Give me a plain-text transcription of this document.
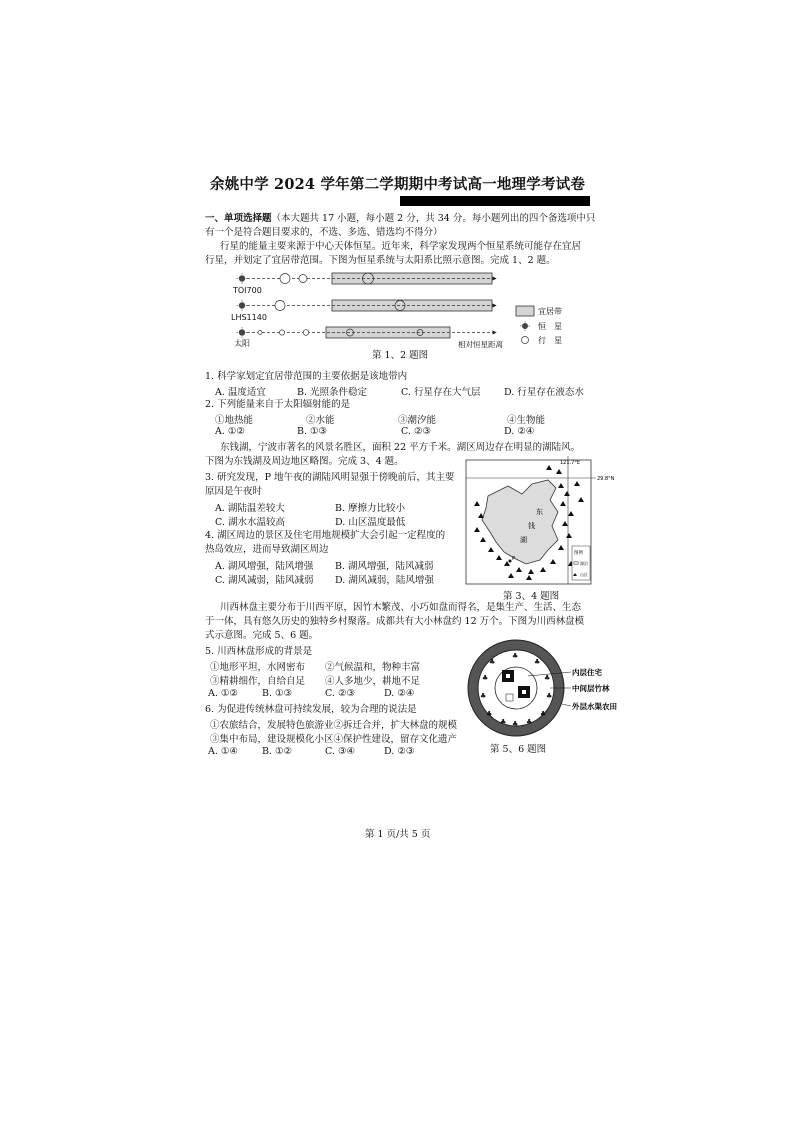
余姚中学 2024 学年第二学期期中考试高一地理学考试卷
一、单项选择题（本大题共 17 小题，每小题 2 分，共 34 分。每小题列出的四个备选项中只
有一个是符合题目要求的，不选、多选、错选均不得分）
行星的能量主要来源于中心天体恒星。近年来，科学家发现两个恒星系统可能存在宜居
行星，并划定了宜居带范围。下图为恒星系统与太阳系比照示意图。完成 1、2 题。
TOI700
LHS1140
太阳	相对恒星距离
宜居带
恒　星
行　星
第 1、2 题图
1. 科学家划定宜居带范围的主要依据是该地带内
A. 温度适宜	B. 光照条件稳定	C. 行星存在大气层 D. 行星存在液态水
2. 下列能量来自于太阳辐射能的是
①地热能	②水能	③潮汐能	④生物能
A. ①②	B. ①③	C. ②③	D. ②④
东钱湖，宁波市著名的风景名胜区，面积 22 平方千米。湖区周边存在明显的湖陆风。
下图为东钱湖及周边地区略图。完成 3、4 题。
3. 研究发现，P 地午夜的湖陆风明显强于傍晚前后，其主要
原因是午夜时
A. 湖陆温差较大	B. 摩擦力比较小
C. 湖水水温较高	D. 山区温度最低
4. 湖区周边的景区及住宅用地规模扩大会引起一定程度的
热岛效应，进而导致湖区周边
A. 湖风增强，陆风增强 B. 湖风增强，陆风减弱
C. 湖风减弱，陆风减弱 D. 湖风减弱，陆风增强
121.7°E
29.8°N
东
钱
湖
P
图例
湖泊
山区
第 3、4 题图
川西林盘主要分布于川西平原，因竹木繁茂、小巧如盘而得名，是集生产、生活、生态
于一体，具有悠久历史的独特乡村聚落。成都共有大小林盘约 12 万个。下图为川西林盘模
式示意图。完成 5、6 题。
5. 川西林盘形成的背景是
①地形平坦，水网密布 ②气候温和，物种丰富
③精耕细作，自给自足 ④人多地少，耕地不足
A. ①②	B. ①③	C. ②③	D. ②④
6. 为促进传统林盘可持续发展，较为合理的说法是
①农旅结合，发展特色旅游业②拆迁合并，扩大林盘的规模
③集中布局，建设规模化小区④保护性建设，留存文化遗产
A. ①④	B. ①②	C. ③④	D. ②③
♣
♣
♣
♣	♣
♣	♣
♣	♣
♣ ♣ ♣
内层住宅
中间层竹林
外层水渠农田
第 5、6 题图
第 1 页/共 5 页
